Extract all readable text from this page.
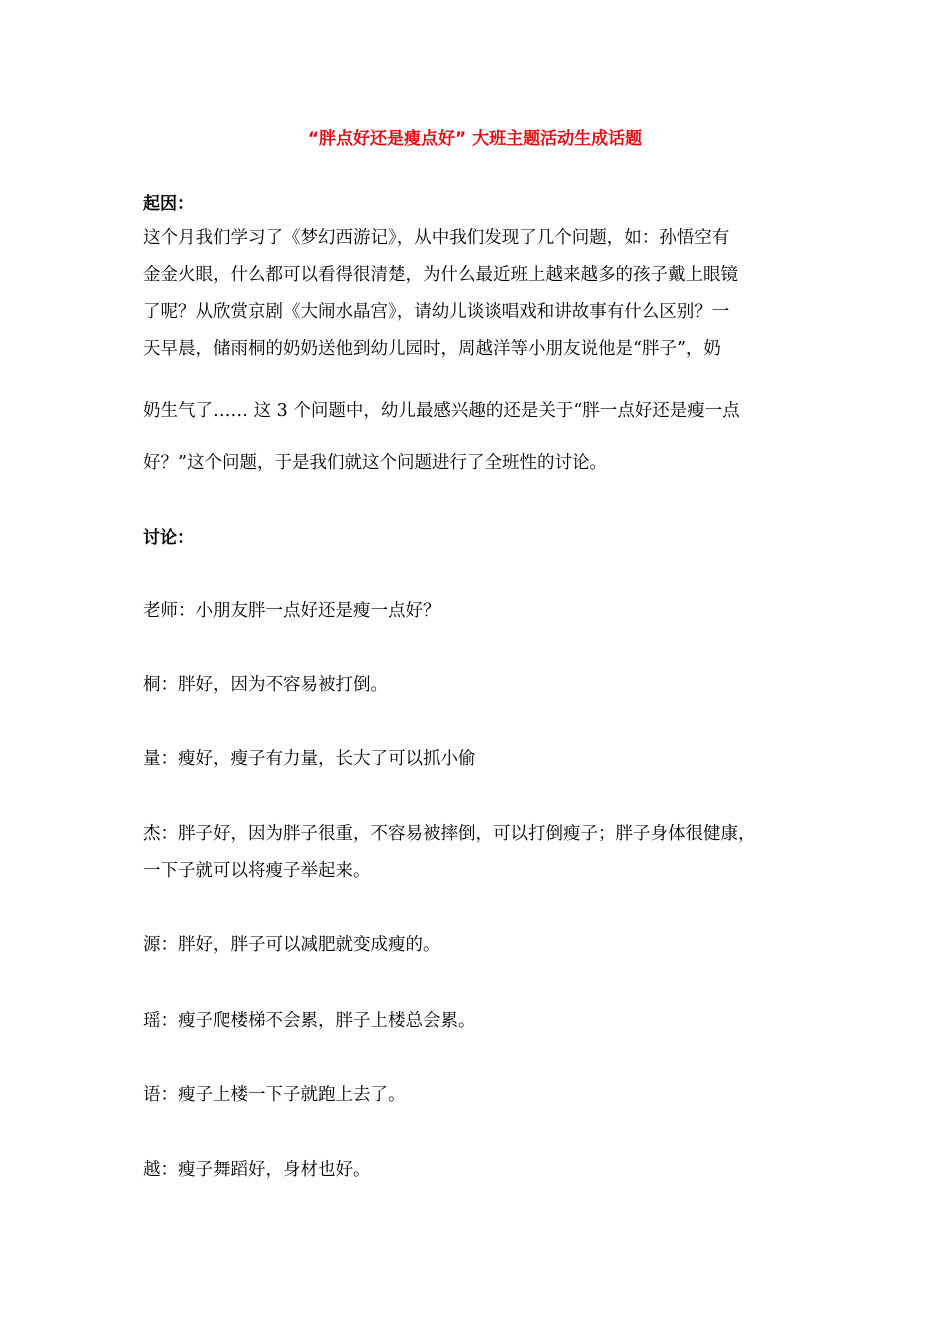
“胖点好还是瘦点好” 大班主题活动生成话题
起因：
这个月我们学习了《梦幻西游记》，从中我们发现了几个问题，如：孙悟空有
金金火眼，什么都可以看得很清楚，为什么最近班上越来越多的孩子戴上眼镜
了呢？从欣赏京剧《大闹水晶宫》，请幼儿谈谈唱戏和讲故事有什么区别？一
天早晨，储雨桐的奶奶送他到幼儿园时，周越洋等小朋友说他是“胖子”，奶
奶生气了…… 这 3 个问题中，幼儿最感兴趣的还是关于“胖一点好还是瘦一点
好？”这个问题，于是我们就这个问题进行了全班性的讨论。
讨论：
老师：小朋友胖一点好还是瘦一点好？
桐：胖好，因为不容易被打倒。
量：瘦好，瘦子有力量，长大了可以抓小偷
杰：胖子好，因为胖子很重，不容易被摔倒，可以打倒瘦子；胖子身体很健康，
一下子就可以将瘦子举起来。
源：胖好，胖子可以减肥就变成瘦的。
瑶：瘦子爬楼梯不会累，胖子上楼总会累。
语：瘦子上楼一下子就跑上去了。
越：瘦子舞蹈好，身材也好。
